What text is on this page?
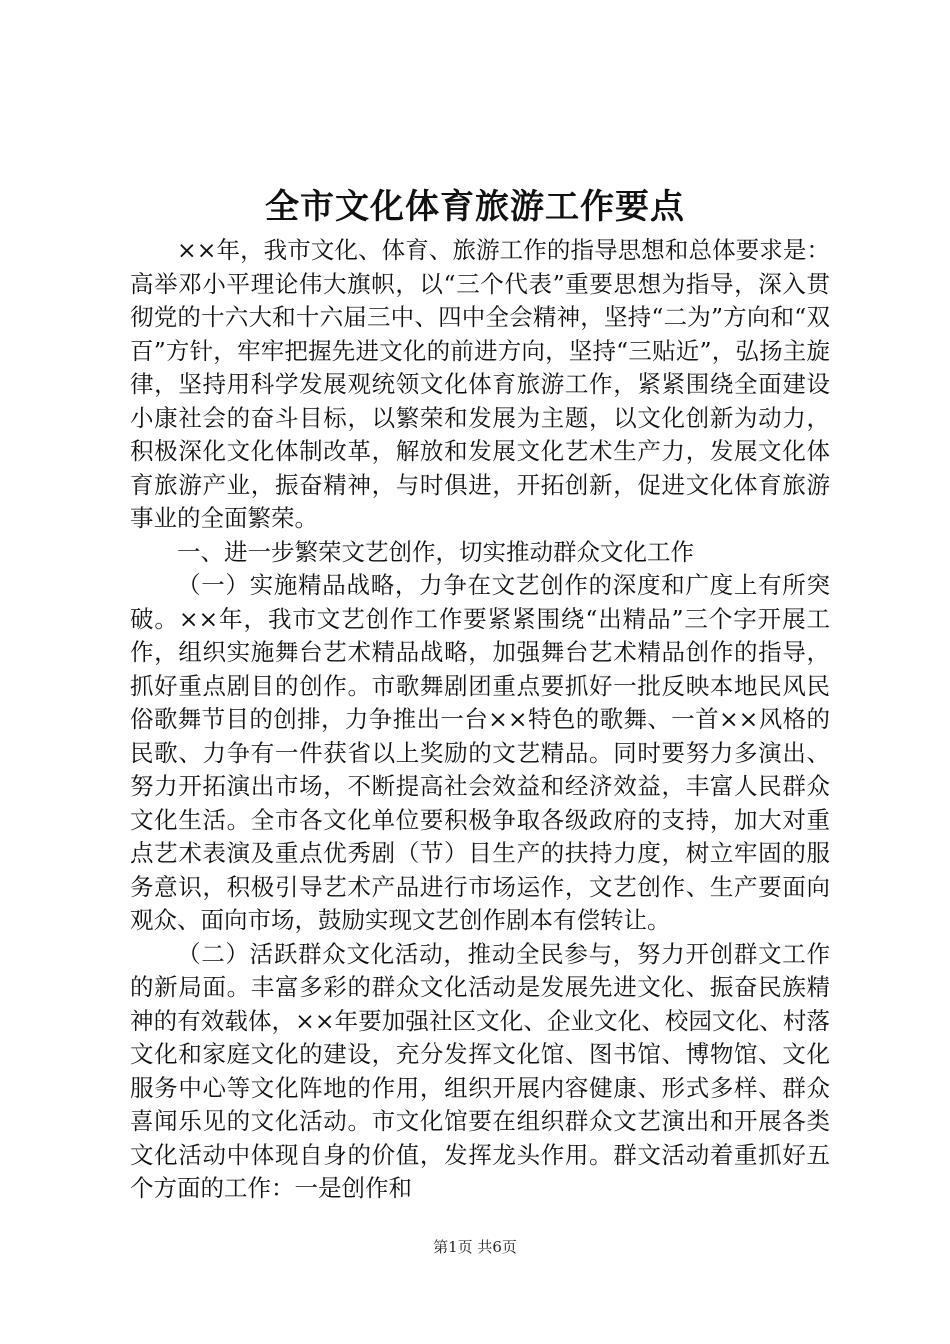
全市文化体育旅游工作要点

××年，我市文化、体育、旅游工作的指导思想和总体要求是：高举邓小平理论伟大旗帜，以“三个代表”重要思想为指导，深入贯彻党的十六大和十六届三中、四中全会精神，坚持“二为”方向和“双百”方针，牢牢把握先进文化的前进方向，坚持“三贴近”，弘扬主旋律，坚持用科学发展观统领文化体育旅游工作，紧紧围绕全面建设小康社会的奋斗目标，以繁荣和发展为主题，以文化创新为动力，积极深化文化体制改革，解放和发展文化艺术生产力，发展文化体育旅游产业，振奋精神，与时俱进，开拓创新，促进文化体育旅游事业的全面繁荣。

一、进一步繁荣文艺创作，切实推动群众文化工作

（一）实施精品战略，力争在文艺创作的深度和广度上有所突破。××年，我市文艺创作工作要紧紧围绕“出精品”三个字开展工作，组织实施舞台艺术精品战略，加强舞台艺术精品创作的指导，抓好重点剧目的创作。市歌舞剧团重点要抓好一批反映本地民风民俗歌舞节目的创排，力争推出一台××特色的歌舞、一首××风格的民歌、力争有一件获省以上奖励的文艺精品。同时要努力多演出、努力开拓演出市场，不断提高社会效益和经济效益，丰富人民群众文化生活。全市各文化单位要积极争取各级政府的支持，加大对重点艺术表演及重点优秀剧（节）目生产的扶持力度，树立牢固的服务意识，积极引导艺术产品进行市场运作，文艺创作、生产要面向观众、面向市场，鼓励实现文艺创作剧本有偿转让。

（二）活跃群众文化活动，推动全民参与，努力开创群文工作的新局面。丰富多彩的群众文化活动是发展先进文化、振奋民族精神的有效载体，××年要加强社区文化、企业文化、校园文化、村落文化和家庭文化的建设，充分发挥文化馆、图书馆、博物馆、文化服务中心等文化阵地的作用，组织开展内容健康、形式多样、群众喜闻乐见的文化活动。市文化馆要在组织群众文艺演出和开展各类文化活动中体现自身的价值，发挥龙头作用。群文活动着重抓好五个方面的工作：一是创作和

第1页 共6页
